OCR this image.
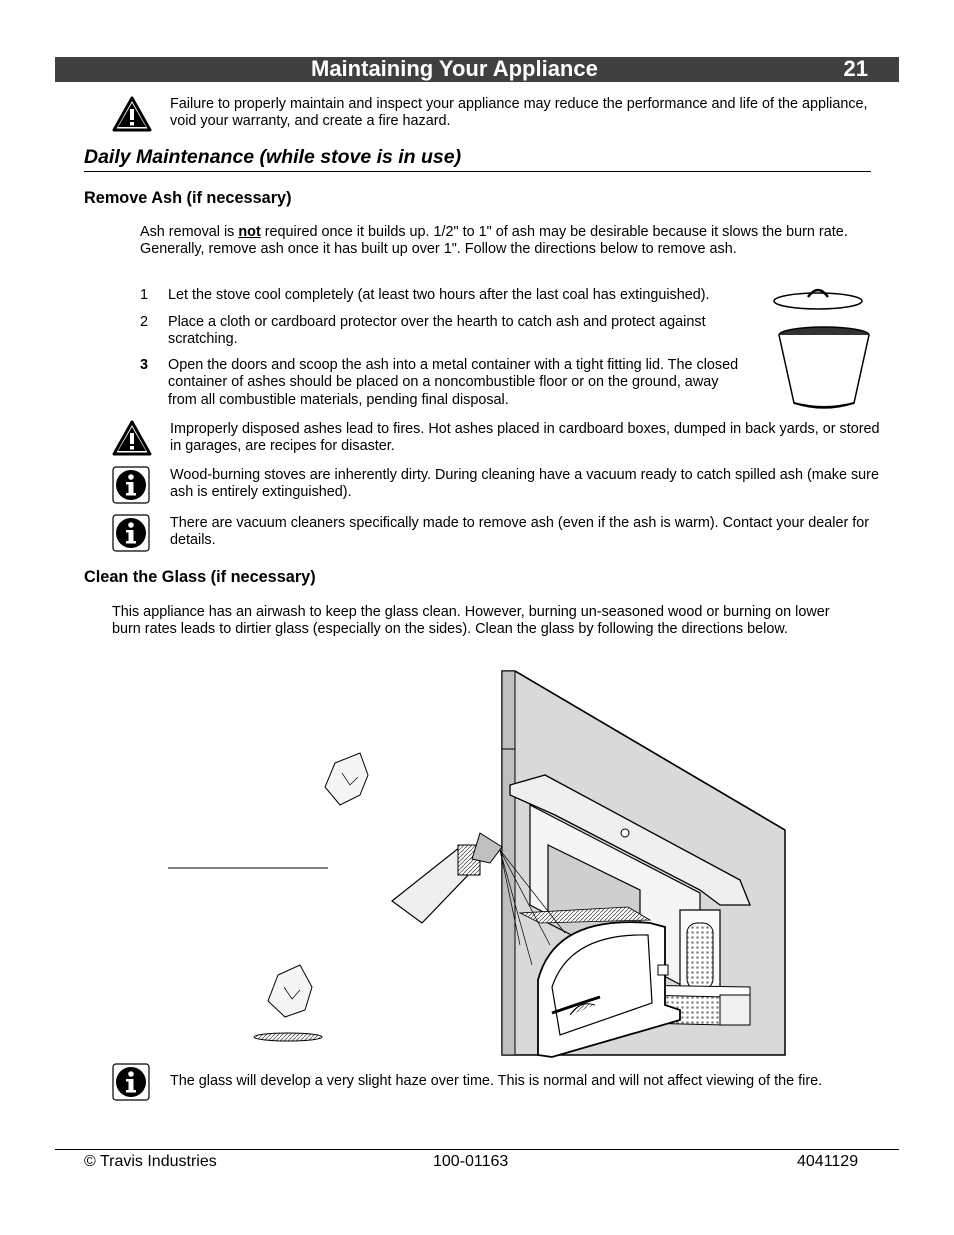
Maintaining Your Appliance	21
Failure to properly maintain and inspect your appliance may reduce the performance and life of the appliance, void your warranty, and create a fire hazard.
Daily Maintenance (while stove is in use)
Remove Ash (if necessary)
Ash removal is not required once it builds up. 1/2" to 1" of ash may be desirable because it slows the burn rate. Generally, remove ash once it has built up over 1". Follow the directions below to remove ash.
1 Let the stove cool completely (at least two hours after the last coal has extinguished).
2 Place a cloth or cardboard protector over the hearth to catch ash and protect against scratching.
3 Open the doors and scoop the ash into a metal container with a tight fitting lid. The closed container of ashes should be placed on a noncombustible floor or on the ground, away from all combustible materials, pending final disposal.
Improperly disposed ashes lead to fires. Hot ashes placed in cardboard boxes, dumped in back yards, or stored in garages, are recipes for disaster.
Wood-burning stoves are inherently dirty. During cleaning have a vacuum ready to catch spilled ash (make sure ash is entirely extinguished).
There are vacuum cleaners specifically made to remove ash (even if the ash is warm). Contact your dealer for details.
Clean the Glass (if necessary)
This appliance has an airwash to keep the glass clean. However, burning un-seasoned wood or burning on lower burn rates leads to dirtier glass (especially on the sides). Clean the glass by following the directions below.
The glass will develop a very slight haze over time. This is normal and will not affect viewing of the fire.
© Travis Industries	100-01163	4041129
